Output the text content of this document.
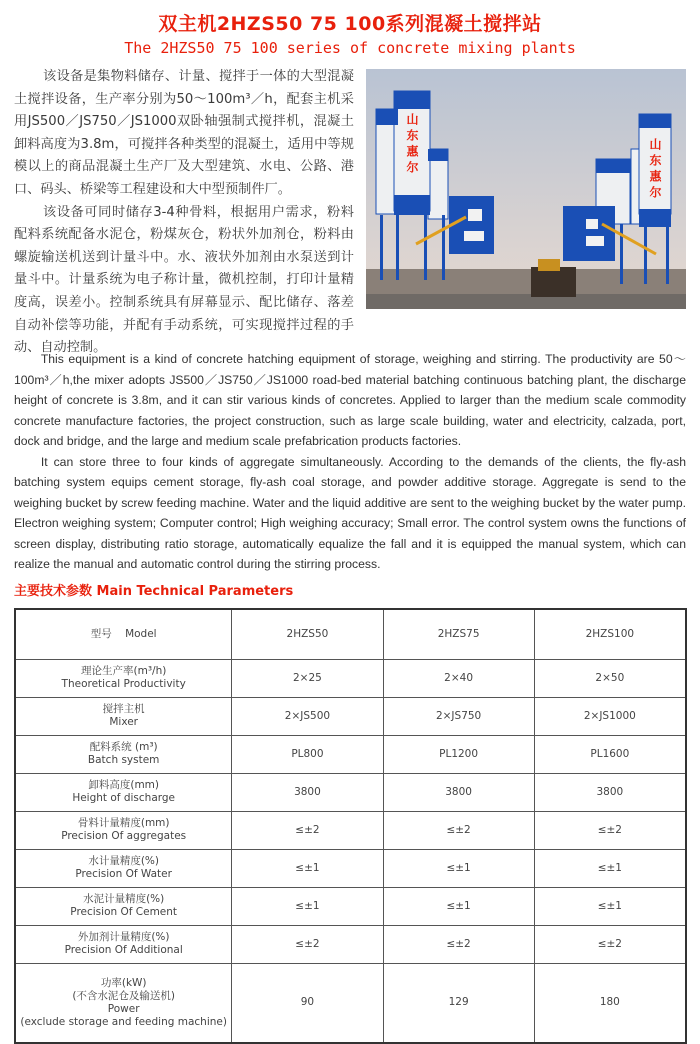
双主机2HZS50 75 100系列混凝土搅拌站
The 2HZS50 75 100 series of concrete mixing plants
山东惠尔	山东惠尔

该设备是集物料储存、计量、搅拌于一体的大型混凝土搅拌设备，生产率分别为50～100m³／h，配套主机采用JS500／JS750／JS1000双卧轴强制式搅拌机，混凝土卸料高度为3.8m，可搅拌各种类型的混凝土，适用中等规模以上的商品混凝土生产厂及大型建筑、水电、公路、港口、码头、桥梁等工程建设和大中型预制件厂。

该设备可同时储存3-4种骨料，根据用户需求，粉料配料系统配备水泥仓，粉煤灰仓，粉状外加剂仓，粉料由螺旋输送机送到计量斗中。水、液状外加剂由水泵送到计量斗中。计量系统为电子称计量，微机控制，打印计量精度高，误差小。控制系统具有屏幕显示、配比储存、落差自动补偿等功能，并配有手动系统，可实现搅拌过程的手动、自动控制。

This equipment is a kind of concrete hatching equipment of storage, weighing and stirring. The productivity are 50～100m³／h,the mixer adopts JS500／JS750／JS1000 road-bed material batching continuous batching plant, the discharge height of concrete is 3.8m, and it can stir various kinds of concretes. Applied to larger than the medium scale commodity concrete manufacture factories, the project construction, such as large scale building, water and electricity, calzada, port, dock and bridge, and the large and medium scale prefabrication products factories.

It can store three to four kinds of aggregate simultaneously. According to the demands of the clients, the fly-ash batching system equips cement storage, fly-ash coal storage, and powder additive storage. Aggregate is send to the weighing bucket by screw feeding machine. Water and the liquid additive are sent to the weighing bucket by the water pump. Electron weighing system; Computer control; High weighing accuracy; Small error. The control system owns the functions of screen display, distributing ratio storage, automatically equalize the fall and it is equipped the manual system, which can realize the manual and automatic control during the stirring process.

主要技术参数 Main Technical Parameters
型号 Model	2HZS50	2HZS75	2HZS100

理论生产率(m³/h)
Theoretical Productivity	2×25	2×40	2×50

搅拌主机
Mixer	2×JS500	2×JS750	2×JS1000

配料系统 (m³)
Batch system	PL800	PL1200	PL1600

卸料高度(mm)
Height of discharge	3800	3800	3800

骨料计量精度(mm)
Precision Of aggregates	≤±2	≤±2	≤±2

水计量精度(%)
Precision Of Water	≤±1	≤±1	≤±1

水泥计量精度(%)
Precision Of Cement	≤±1	≤±1	≤±1

外加剂计量精度(%)
Precision Of Additional	≤±2	≤±2	≤±2

功率(kW)
(不含水泥仓及输送机)
Power
(exclude storage and feeding machine)	90	129	180
